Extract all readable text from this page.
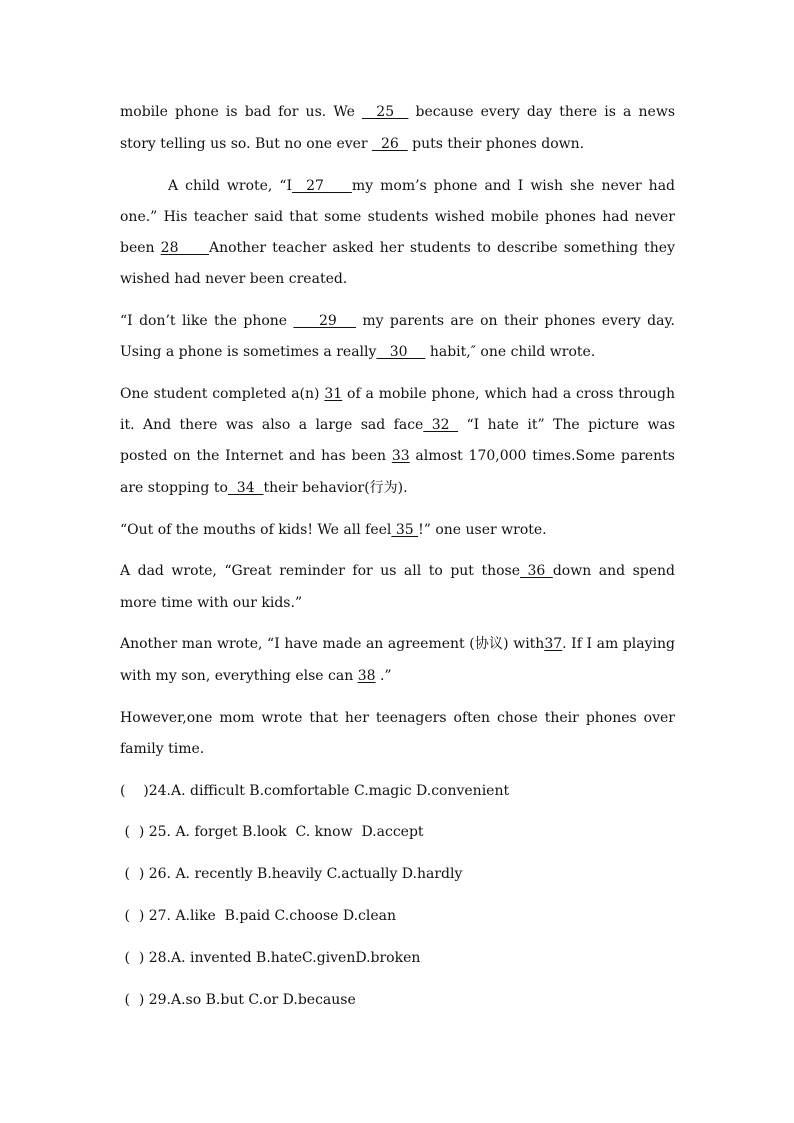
mobile phone is bad for us. We   25   because every day there is a news
story telling us so. But no one ever   26   puts their phones down.
A child wrote, “I  27    my mom’s phone and I wish she never had
one.” His teacher said that some students wished mobile phones had never
been 28     Another teacher asked her students to describe something they
wished had never been created.
“I don’t like the phone     29    my parents are on their phones every day.
Using a phone is sometimes a really   30     habit,″ one child wrote.
One student completed a(n) 31 of a mobile phone, which had a cross through
it. And there was also a large sad face 32  “I hate it” The picture was
posted on the Internet and has been 33 almost 170,000 times.Some parents
are stopping to  34  their behavior(行为).
“Out of the mouths of kids! We all feel 35 !” one user wrote.
A dad wrote, “Great reminder for us all to put those 36 down and spend
more time with our kids.”
Another man wrote, “I have made an agreement (协议) with37. If I am playing
with my son, everything else can 38 .”
However,one mom wrote that her teenagers often chose their phones over
family time.
(    )24.A. difficult B.comfortable C.magic D.convenient
(  ) 25. A. forget B.look  C. know  D.accept
(  ) 26. A. recently B.heavily C.actually D.hardly
(  ) 27. A.like  B.paid C.choose D.clean
(  ) 28.A. invented B.hateC.givenD.broken
(  ) 29.A.so B.but C.or D.because
